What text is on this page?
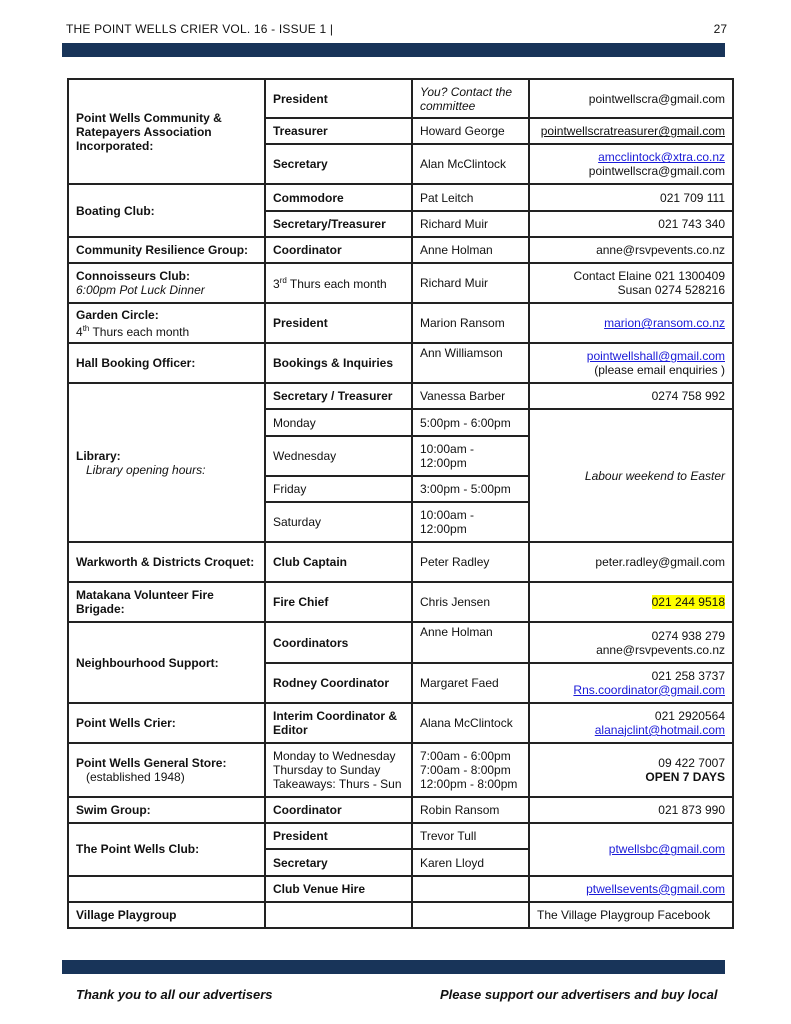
THE POINT WELLS CRIER VOL. 16 - ISSUE 1 |	27
Point Wells Community & Ratepayers Association Incorporated:	President	You? Contact the committee	pointwellscra@gmail.com
	Treasurer	Howard George	pointwellscratreasurer@gmail.com
	Secretary	Alan McClintock	amcclintock@xtra.co.nz
pointwellscra@gmail.com

Boating Club:	Commodore	Pat Leitch	021 709 111
	Secretary/Treasurer	Richard Muir	021 743 340
Community Resilience Group:	Coordinator	Anne Holman	anne@rsvpevents.co.nz

Connoisseurs Club:
6:00pm Pot Luck Dinner	3rd Thurs each month	Richard Muir	Contact Elaine 021 1300409
Susan 0274 528216

Garden Circle:
4th Thurs each month	President	Marion Ransom	marion@ransom.co.nz
Hall Booking Officer:	Bookings & Inquiries	Ann Williamson	pointwellshall@gmail.com
(please email enquiries )

Library:
Library opening hours:	Secretary / Treasurer	Vanessa Barber	0274 758 992
	Monday	5:00pm - 6:00pm	Labour weekend to Easter
	Wednesday	10:00am - 12:00pm	
	Friday	3:00pm - 5:00pm	
	Saturday	10:00am - 12:00pm	
Warkworth & Districts Croquet:	Club Captain	Peter Radley	peter.radley@gmail.com
Matakana Volunteer Fire Brigade:	Fire Chief	Chris Jensen	021 244 9518
Neighbourhood Support:	Coordinators	Anne Holman	0274 938 279
anne@rsvpevents.co.nz

	Rodney Coordinator	Margaret Faed	021 258 3737
Rns.coordinator@gmail.com

Point Wells Crier:	Interim Coordinator & Editor	Alana McClintock	021 2920564
alanajclint@hotmail.com

Point Wells General Store:
(established 1948)	Monday to Wednesday
Thursday to Sunday
Takeaways: Thurs - Sun	7:00am - 6:00pm
7:00am - 8:00pm
12:00pm - 8:00pm	09 422 7007
OPEN 7 DAYS

Swim Group:	Coordinator	Robin Ransom	021 873 990
The Point Wells Club:	President	Trevor Tull	ptwellsbc@gmail.com
	Secretary	Karen Lloyd	
	Club Venue Hire		ptwellsevents@gmail.com
Village Playgroup			The Village Playgroup Facebook
Thank you to all our advertisers	Please support our advertisers and buy local
